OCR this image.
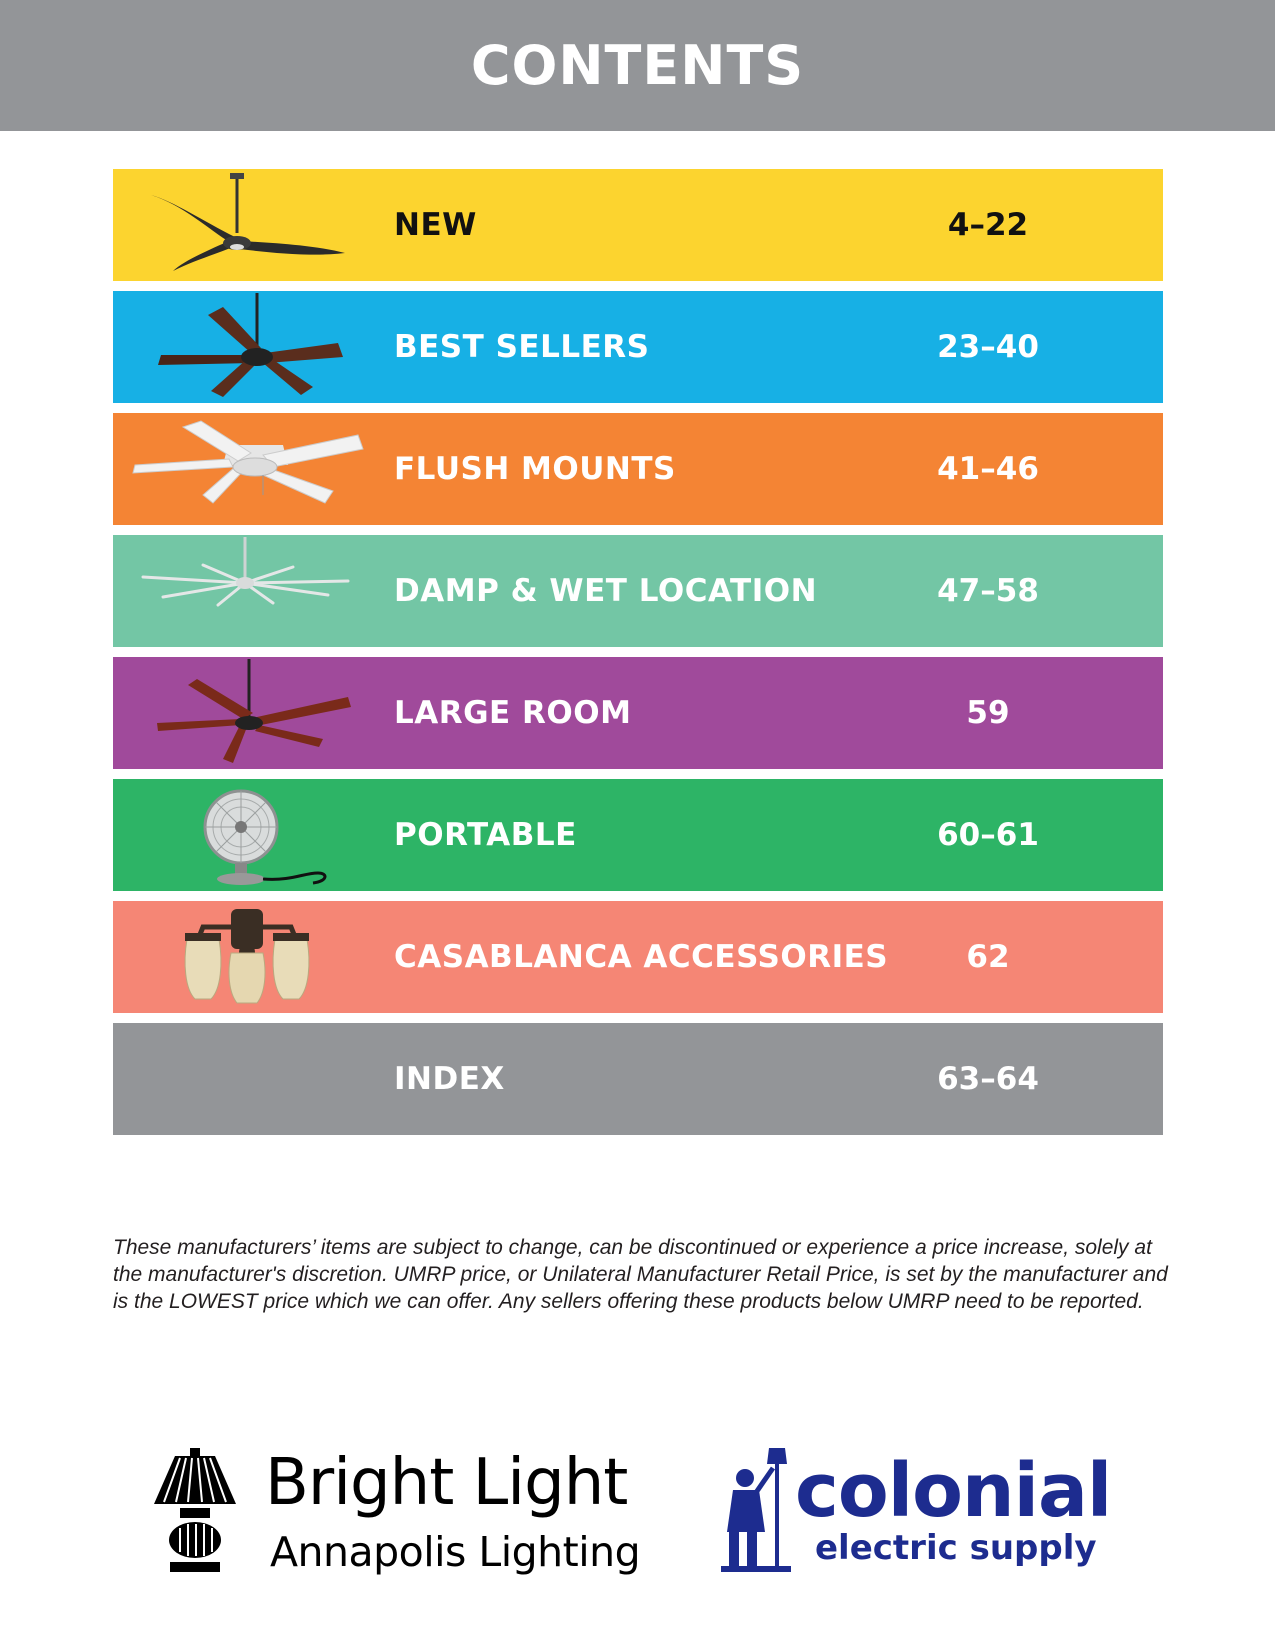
CONTENTS
NEW	4–22
BEST SELLERS	23–40
FLUSH MOUNTS	41–46
DAMP & WET LOCATION	47–58
LARGE ROOM	59
PORTABLE	60–61
CASABLANCA ACCESSORIES	62
INDEX	63–64

These manufacturers’ items are subject to change, can be discontinued or experience a price increase, solely at the manufacturer's discretion. UMRP price, or Unilateral Manufacturer Retail Price, is set by the manufacturer and is the LOWEST price which we can offer. Any sellers offering these products below UMRP need to be reported.

Bright Light
Annapolis Lighting
colonial
electric supply
